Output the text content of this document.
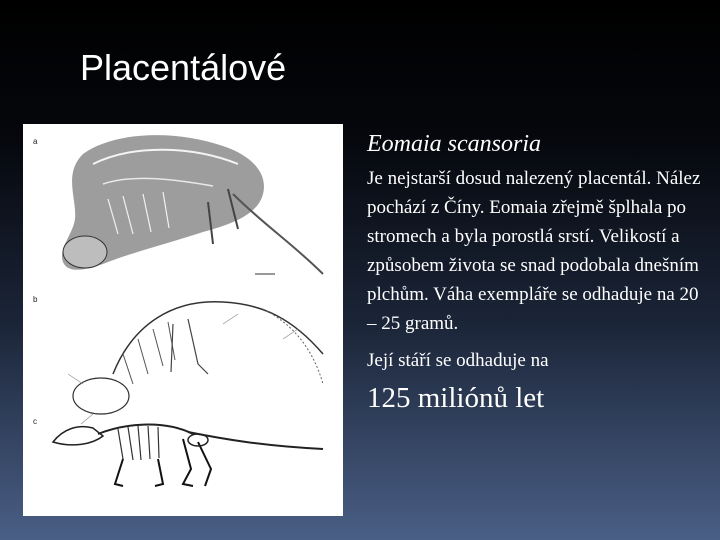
Placentálové
a
b
c

Eomaia scansoria

Je nejstarší dosud nalezený placentál. Nález pochází z Číny. Eomaia zřejmě šplhala po stromech a byla porostlá srstí. Velikostí a způsobem života se snad podobala dnešním plchům. Váha exempláře se odhaduje na 20 – 25 gramů.

Její stáří se odhaduje na

125 miliónů let
